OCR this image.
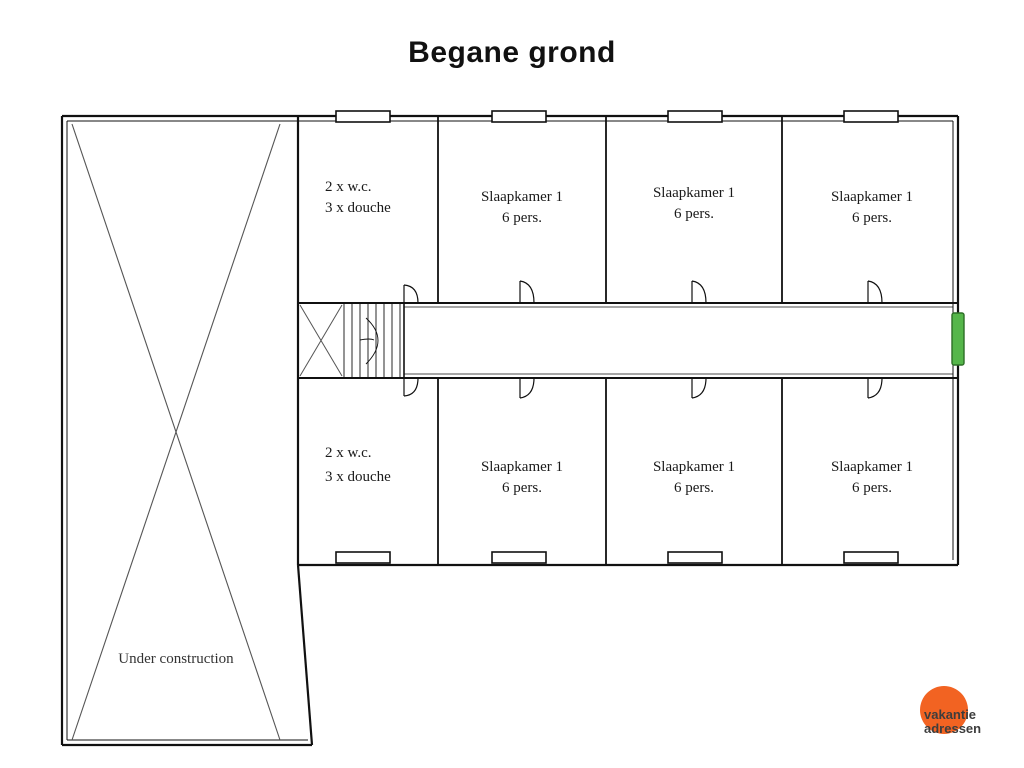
Begane grond
Under construction
2 x w.c.
3 x douche
Slaapkamer 1
6 pers.
Slaapkamer 1
6 pers.
Slaapkamer 1
6 pers.
2 x w.c.
3 x douche
Slaapkamer 1
6 pers.
Slaapkamer 1
6 pers.
Slaapkamer 1
6 pers.
vakantie
adressen
